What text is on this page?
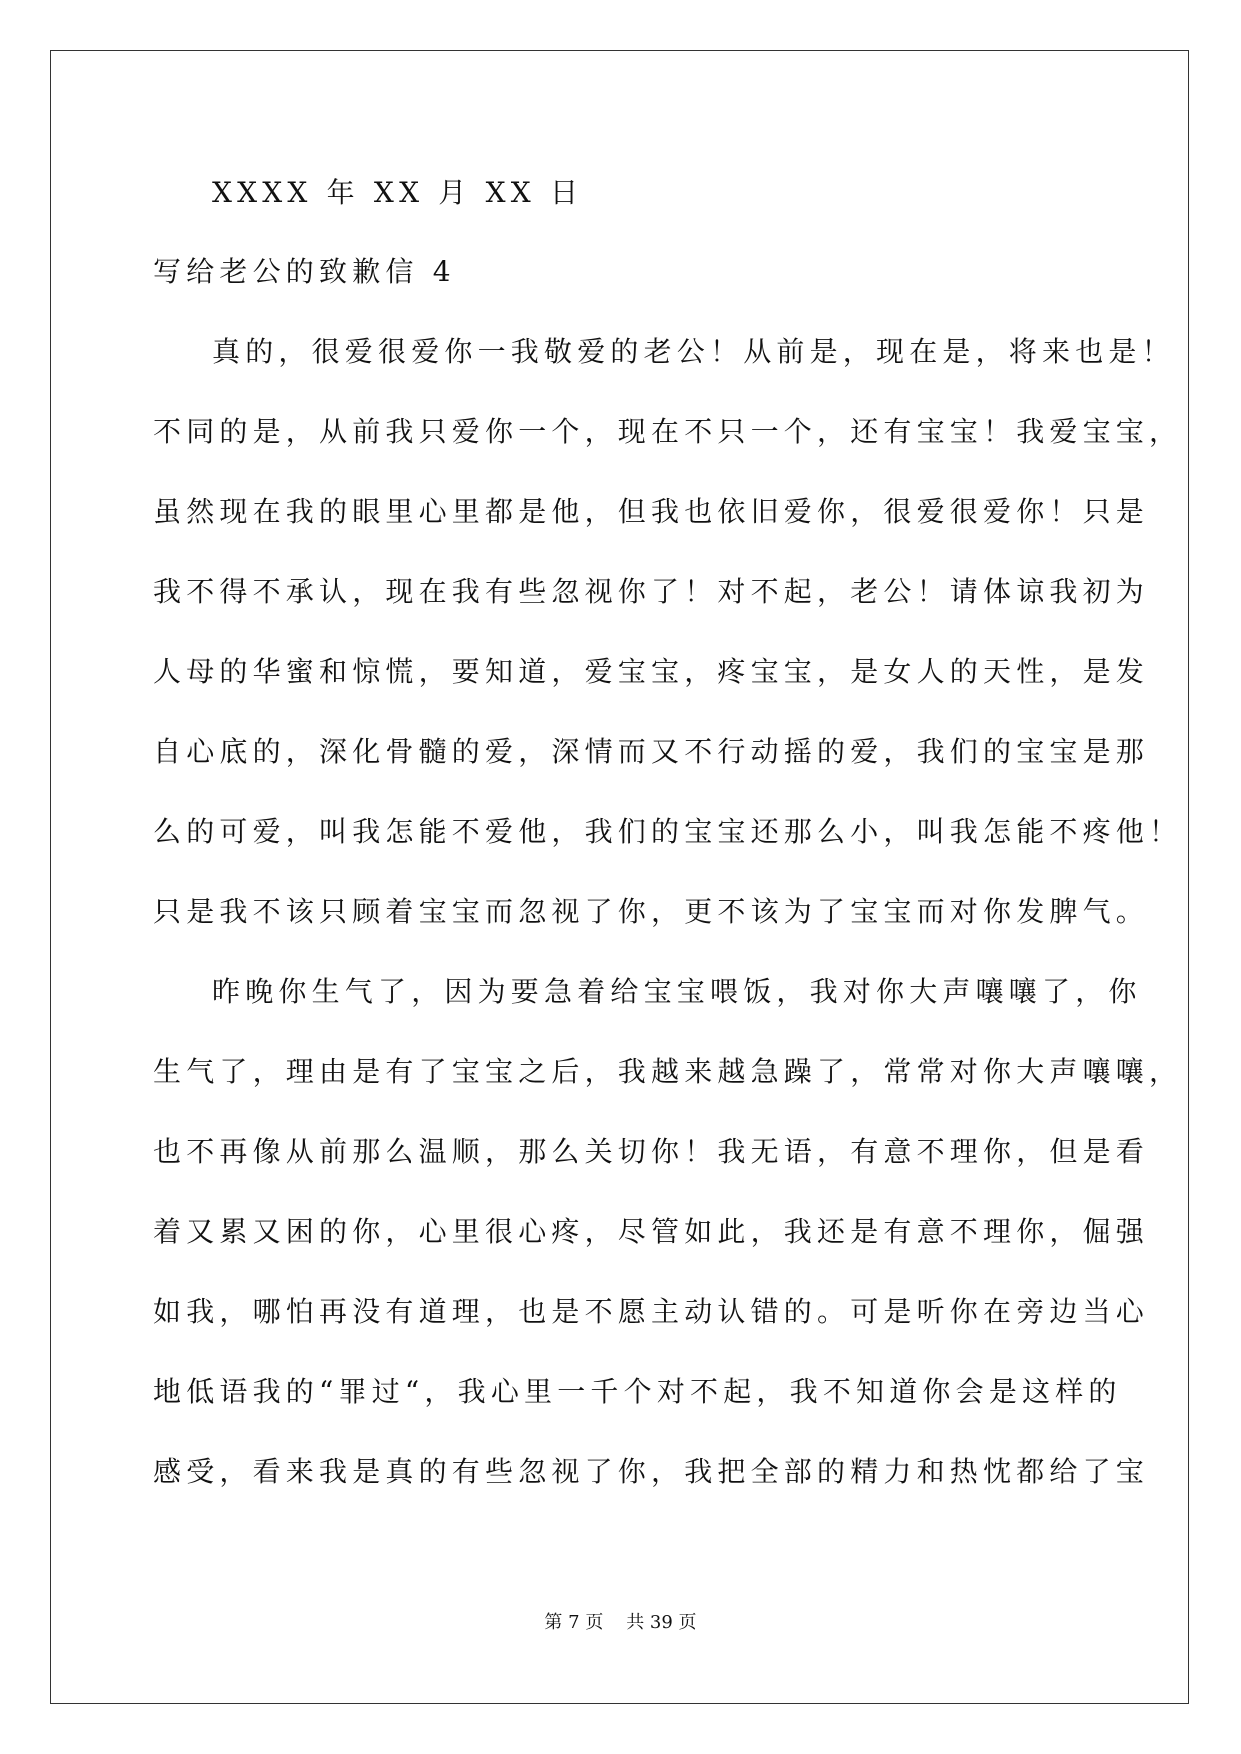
XXXX 年 XX 月 XX 日
写给老公的致歉信 4
真的，很爱很爱你一我敬爱的老公！从前是，现在是，将来也是！
不同的是，从前我只爱你一个，现在不只一个，还有宝宝！我爱宝宝，
虽然现在我的眼里心里都是他，但我也依旧爱你，很爱很爱你！只是
我不得不承认，现在我有些忽视你了！对不起，老公！请体谅我初为
人母的华蜜和惊慌，要知道，爱宝宝，疼宝宝，是女人的天性，是发
自心底的，深化骨髓的爱，深情而又不行动摇的爱，我们的宝宝是那
么的可爱，叫我怎能不爱他，我们的宝宝还那么小，叫我怎能不疼他！
只是我不该只顾着宝宝而忽视了你，更不该为了宝宝而对你发脾气。
昨晚你生气了，因为要急着给宝宝喂饭，我对你大声嚷嚷了，你
生气了，理由是有了宝宝之后，我越来越急躁了，常常对你大声嚷嚷，
也不再像从前那么温顺，那么关切你！我无语，有意不理你，但是看
着又累又困的你，心里很心疼，尽管如此，我还是有意不理你，倔强
如我，哪怕再没有道理，也是不愿主动认错的。可是听你在旁边当心
地低语我的“罪过“，我心里一千个对不起，我不知道你会是这样的
感受，看来我是真的有些忽视了你，我把全部的精力和热忱都给了宝
第 7 页    共 39 页
